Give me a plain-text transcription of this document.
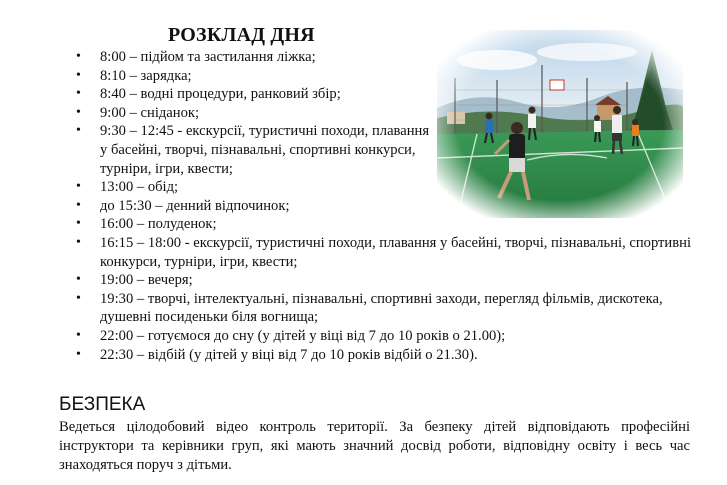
РОЗКЛАД ДНЯ
• 8:00 – підйом та застилання ліжка;
• 8:10 – зарядка;
• 8:40 – водні процедури, ранковий збір;
• 9:00 – сніданок;
• 9:30 – 12:45 - екскурсії, туристичні походи, плавання у басейні, творчі, пізнавальні, спортивні конкурси, турніри, ігри, квести;
• 13:00 – обід;
• до 15:30 – денний відпочинок;
• 16:00 – полуденок;
• 16:15 – 18:00 - екскурсії, туристичні походи, плавання у басейні, творчі, пізнавальні, спортивні конкурси, турніри, ігри, квести;
• 19:00 – вечеря;
• 19:30 – творчі, інтелектуальні, пізнавальні, спортивні заходи, перегляд фільмів, дискотека, душевні посиденьки біля вогнища;
• 22:00 – готуємося до сну (у дітей у віці від 7 до 10 років о 21.00);
• 22:30 – відбій (у дітей у віці від 7 до 10 років відбій о 21.30).
БЕЗПЕКА

Ведеться цілодобовий відео контроль території. За безпеку дітей відповідають професійні інструктори та керівники груп, які мають значний досвід роботи, відповідну освіту і весь час знаходяться поруч з дітьми.
